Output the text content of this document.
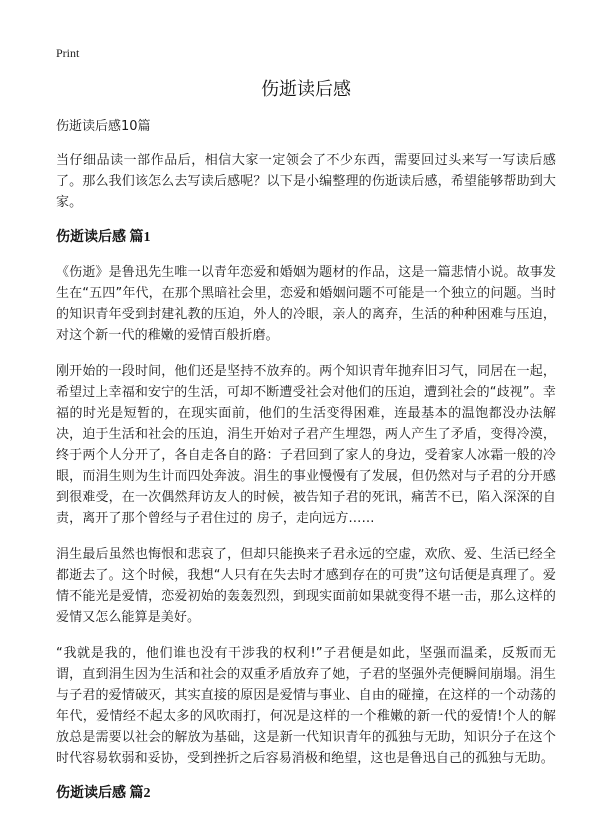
Print
伤逝读后感
伤逝读后感10篇

当仔细品读一部作品后，相信大家一定领会了不少东西，需要回过头来写一写读后感了。那么我们该怎么去写读后感呢？以下是小编整理的伤逝读后感，希望能够帮助到大家。

伤逝读后感 篇1

《伤逝》是鲁迅先生唯一以青年恋爱和婚姻为题材的作品，这是一篇悲情小说。故事发生在“五四”年代，在那个黑暗社会里，恋爱和婚姻问题不可能是一个独立的问题。当时的知识青年受到封建礼教的压迫，外人的冷眼，亲人的离弃，生活的种种困难与压迫，对这个新一代的稚嫩的爱情百般折磨。

刚开始的一段时间，他们还是坚持不放弃的。两个知识青年抛弃旧习气，同居在一起，希望过上幸福和安宁的生活，可却不断遭受社会对他们的压迫，遭到社会的“歧视”。幸福的时光是短暂的，在现实面前，他们的生活变得困难，连最基本的温饱都没办法解决，迫于生活和社会的压迫，涓生开始对子君产生埋怨，两人产生了矛盾，变得冷漠，终于两个人分开了，各自走各自的路：子君回到了家人的身边，受着家人冰霜一般的冷眼，而涓生则为生计而四处奔波。涓生的事业慢慢有了发展，但仍然对与子君的分开感到很难受，在一次偶然拜访友人的时候，被告知子君的死讯，痛苦不已，陷入深深的自责，离开了那个曾经与子君住过的 房子，走向远方……

涓生最后虽然也悔恨和悲哀了，但却只能换来子君永远的空虚，欢欣、爱、生活已经全都逝去了。这个时候，我想“人只有在失去时才感到存在的可贵”这句话便是真理了。爱情不能光是爱情，恋爱初始的轰轰烈烈，到现实面前如果就变得不堪一击，那么这样的爱情又怎么能算是美好。

“我就是我的，他们谁也没有干涉我的权利!”子君便是如此，坚强而温柔，反叛而无谓，直到涓生因为生活和社会的双重矛盾放弃了她，子君的坚强外壳便瞬间崩塌。涓生与子君的爱情破灭，其实直接的原因是爱情与事业、自由的碰撞，在这样的一个动荡的年代，爱情经不起太多的风吹雨打，何况是这样的一个稚嫩的新一代的爱情!个人的解放总是需要以社会的解放为基础，这是新一代知识青年的孤独与无助，知识分子在这个时代容易软弱和妥协，受到挫折之后容易消极和绝望，这也是鲁迅自己的孤独与无助。

伤逝读后感 篇2
